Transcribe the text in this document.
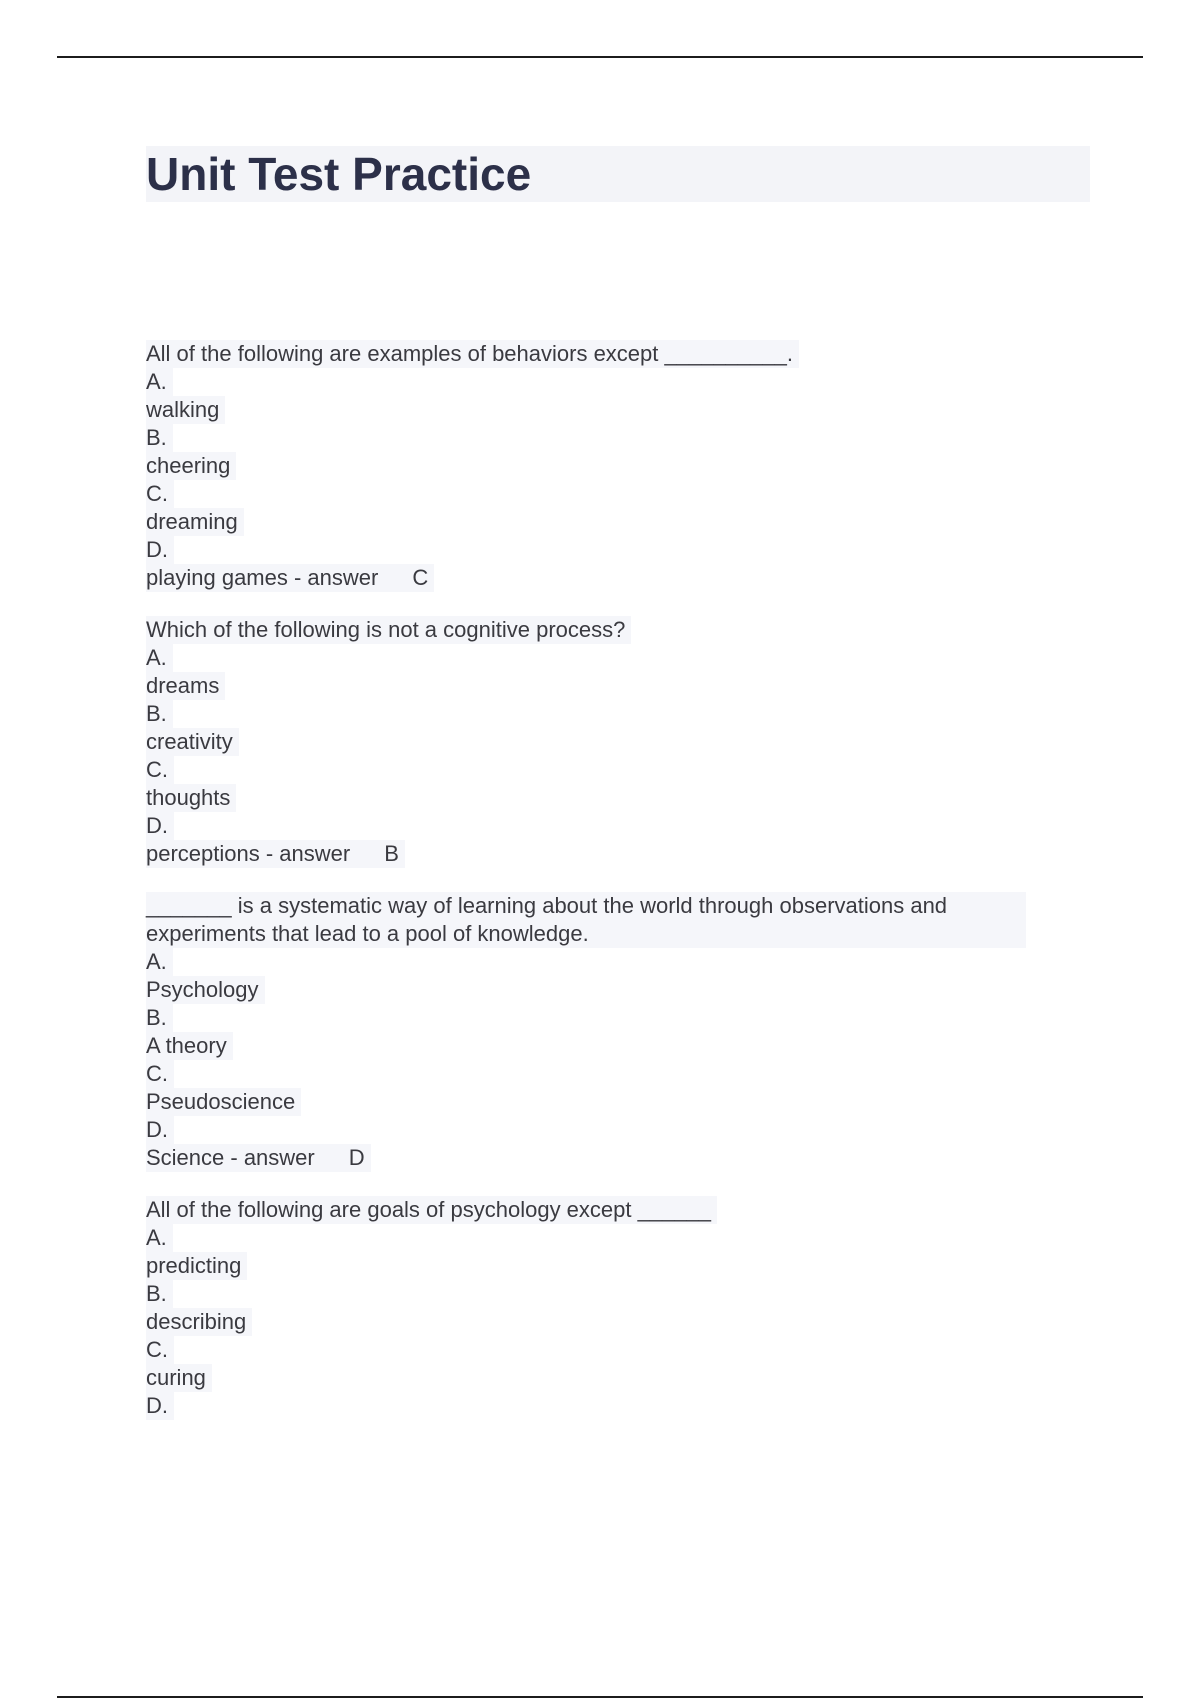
Unit Test Practice
All of the following are examples of behaviors except __________.
A.
walking
B.
cheering
C.
dreaming
D.
playing games - answer C
Which of the following is not a cognitive process?
A.
dreams
B.
creativity
C.
thoughts
D.
perceptions - answer B
_______ is a systematic way of learning about the world through observations and
experiments that lead to a pool of knowledge.
A.
Psychology
B.
A theory
C.
Pseudoscience
D.
Science - answer D
All of the following are goals of psychology except ______
A.
predicting
B.
describing
C.
curing
D.
